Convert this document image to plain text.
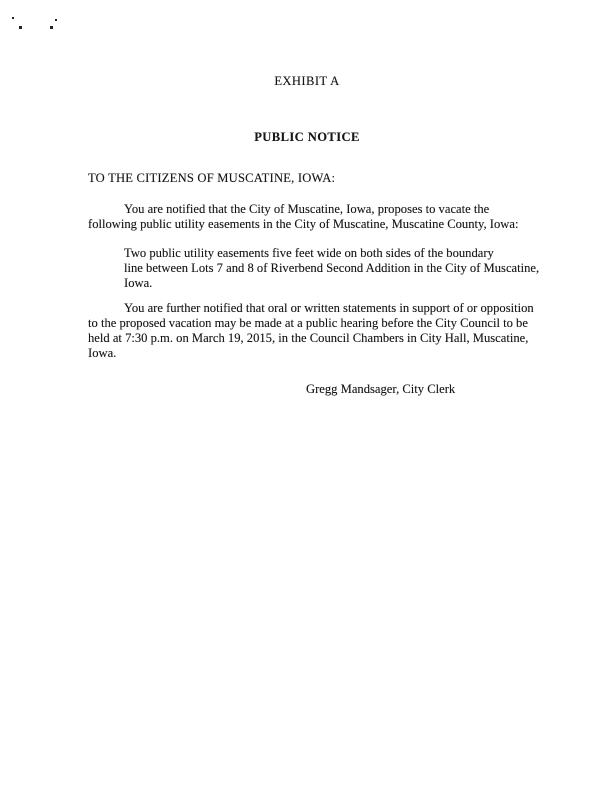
EXHIBIT A
PUBLIC NOTICE
TO THE CITIZENS OF MUSCATINE, IOWA:
You are notified that the City of Muscatine, Iowa, proposes to vacate the
following public utility easements in the City of Muscatine, Muscatine County, Iowa:
Two public utility easements five feet wide on both sides of the boundary
line between Lots 7 and 8 of Riverbend Second Addition in the City of Muscatine,
Iowa.
You are further notified that oral or written statements in support of or opposition
to the proposed vacation may be made at a public hearing before the City Council to be
held at 7:30 p.m. on March 19, 2015, in the Council Chambers in City Hall, Muscatine,
Iowa.
Gregg Mandsager, City Clerk
